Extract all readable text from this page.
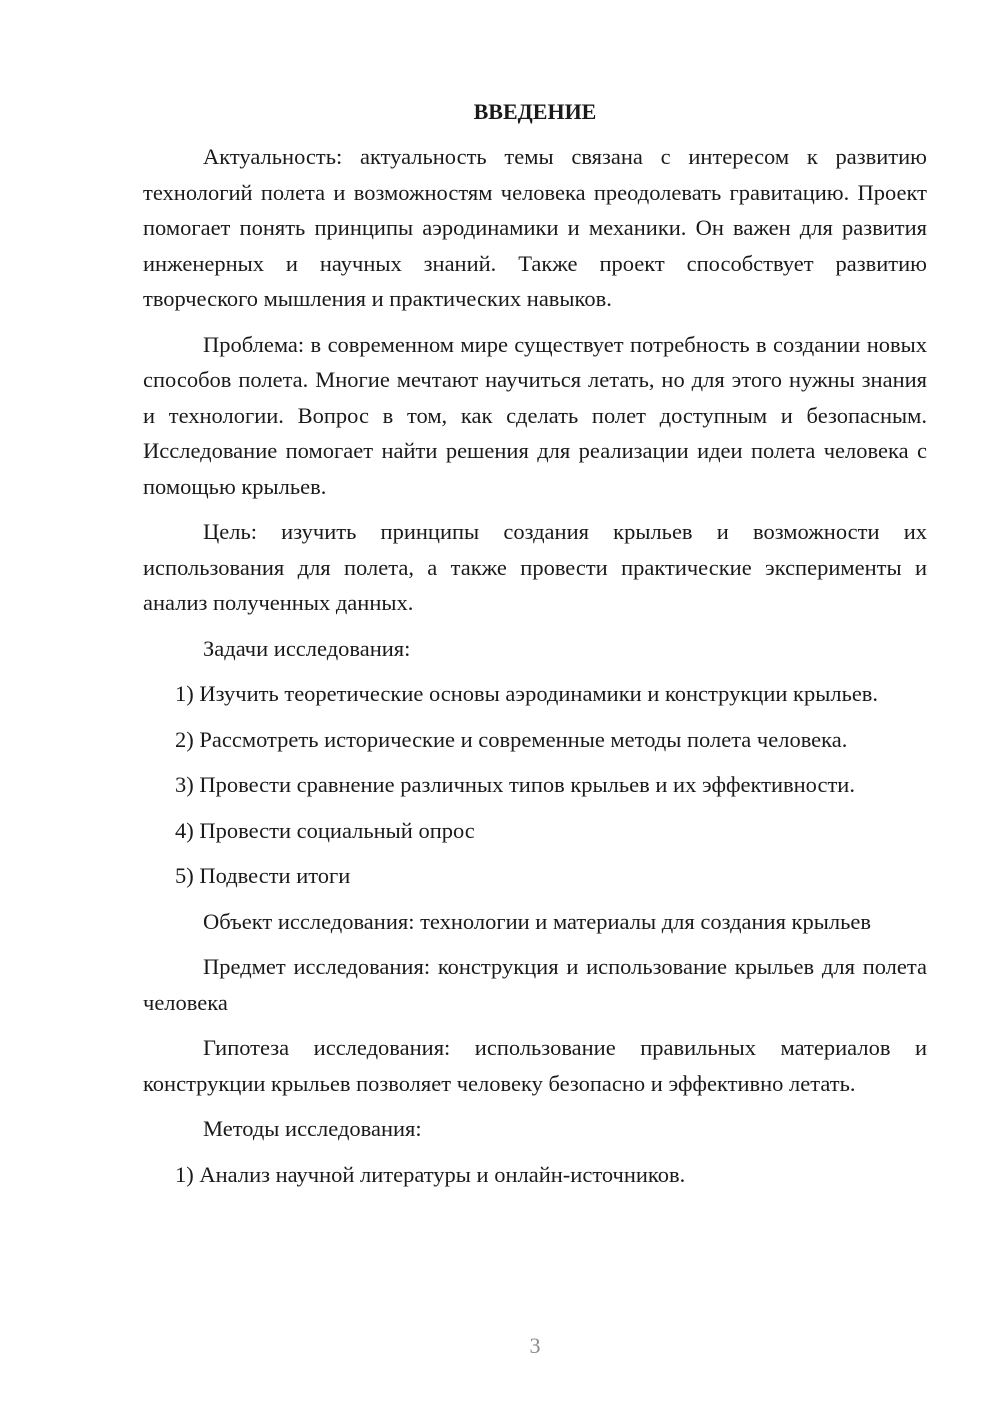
ВВЕДЕНИЕ

Актуальность: актуальность темы связана с интересом к развитию технологий полета и возможностям человека преодолевать гравитацию. Проект помогает понять принципы аэродинамики и механики. Он важен для развития инженерных и научных знаний. Также проект способствует развитию творческого мышления и практических навыков.

Проблема: в современном мире существует потребность в создании новых способов полета. Многие мечтают научиться летать, но для этого нужны знания и технологии. Вопрос в том, как сделать полет доступным и безопасным. Исследование помогает найти решения для реализации идеи полета человека с помощью крыльев.

Цель: изучить принципы создания крыльев и возможности их использования для полета, а также провести практические эксперименты и анализ полученных данных.

Задачи исследования:

1) Изучить теоретические основы аэродинамики и конструкции крыльев.

2) Рассмотреть исторические и современные методы полета человека.

3) Провести сравнение различных типов крыльев и их эффективности.

4) Провести социальный опрос

5) Подвести итоги

Объект исследования: технологии и материалы для создания крыльев

Предмет исследования: конструкция и использование крыльев для полета человека

Гипотеза исследования: использование правильных материалов и конструкции крыльев позволяет человеку безопасно и эффективно летать.

Методы исследования:

1) Анализ научной литературы и онлайн-источников.

3
